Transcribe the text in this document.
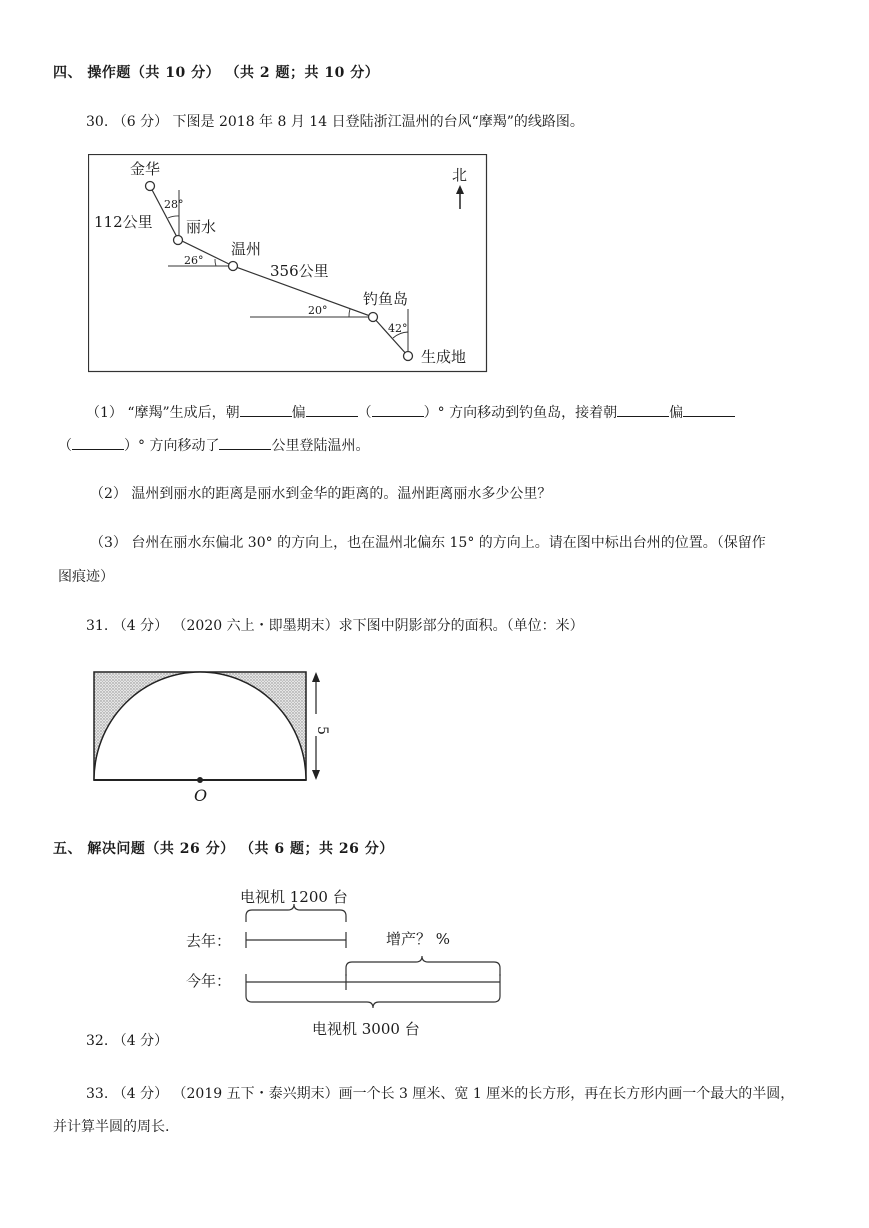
四、 操作题（共 10 分） （共 2 题；共 10 分）
30. （6 分） 下图是 2018 年 8 月 14 日登陆浙江温州的台风“摩羯”的线路图。
北
金华
丽水
温州
钓鱼岛
生成地
112公里
356公里
28°
26°
20°
42°
（1） “摩羯”生成后，朝	偏	（	）° 方向移动到钓鱼岛，接着朝	偏
（	）° 方向移动了	公里登陆温州。
（2） 温州到丽水的距离是丽水到金华的距离的。温州距离丽水多少公里？
（3） 台州在丽水东偏北 30° 的方向上，也在温州北偏东 15° 的方向上。请在图中标出台州的位置。（保留作
图痕迹）
31. （4 分） （2020 六上・即墨期末）求下图中阴影部分的面积。（单位：米）
O
5
五、 解决问题（共 26 分） （共 6 题；共 26 分）
电视机 1200 台
去年：	增产？ %
今年：
电视机 3000 台
32. （4 分）
33. （4 分） （2019 五下・泰兴期末）画一个长 3 厘米、宽 1 厘米的长方形，再在长方形内画一个最大的半圆，
并计算半圆的周长.
